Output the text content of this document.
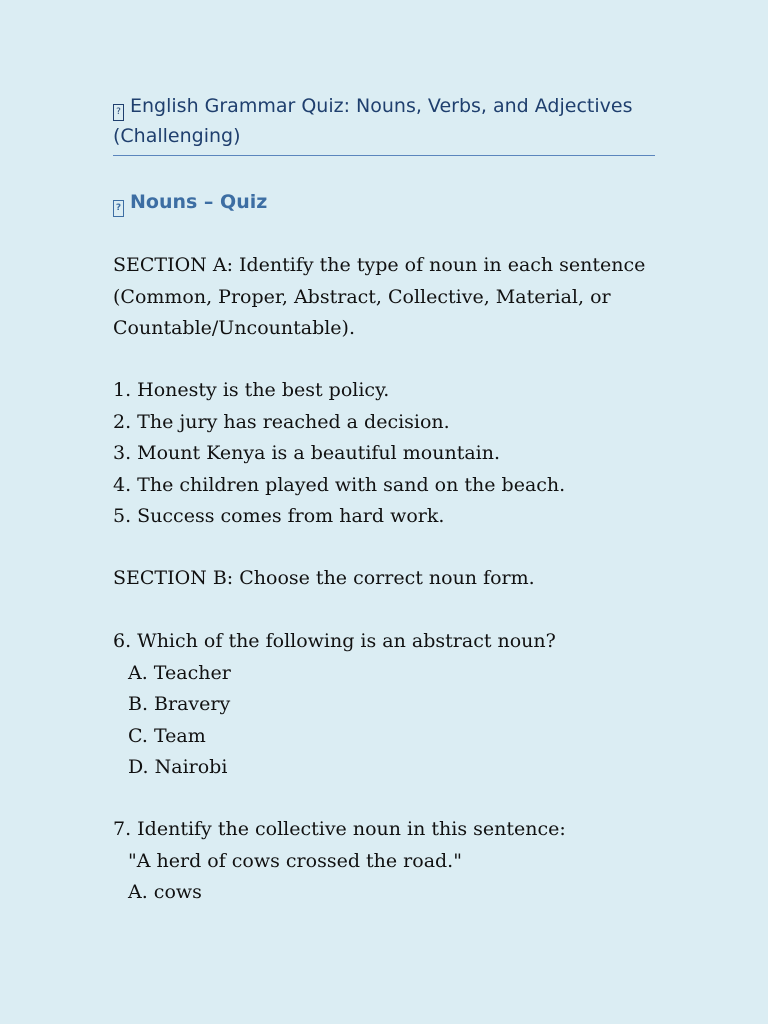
? English Grammar Quiz: Nouns, Verbs, and Adjectives
(Challenging)
? Nouns – Quiz

SECTION A: Identify the type of noun in each sentence
(Common, Proper, Abstract, Collective, Material, or
Countable/Uncountable).

1. Honesty is the best policy.
2. The jury has reached a decision.
3. Mount Kenya is a beautiful mountain.
4. The children played with sand on the beach.
5. Success comes from hard work.

SECTION B: Choose the correct noun form.

6. Which of the following is an abstract noun?
A. Teacher
B. Bravery
C. Team
D. Nairobi

7. Identify the collective noun in this sentence:
"A herd of cows crossed the road."
A. cows
